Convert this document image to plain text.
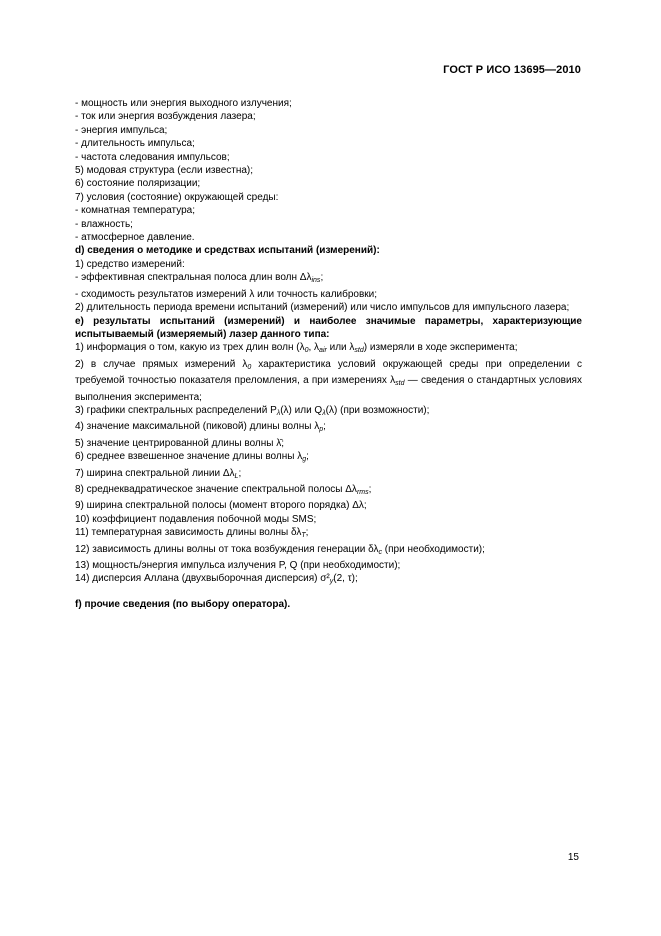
ГОСТ Р ИСО 13695—2010
- мощность или энергия выходного излучения;
- ток или энергия возбуждения лазера;
- энергия импульса;
- длительность импульса;
- частота следования импульсов;
5) модовая структура (если известна);
6) состояние поляризации;
7) условия (состояние) окружающей среды:
- комнатная температура;
- влажность;
- атмосферное давление.
d) сведения о методике и средствах испытаний (измерений):
1) средство измерений:
- эффективная спектральная полоса длин волн $\Delta\lambda_{ins}$;
- сходимость результатов измерений λ или точность калибровки;
2) длительность периода времени испытаний (измерений) или число импульсов для импульсного лазера;
e) результаты испытаний (измерений) и наиболее значимые параметры, характеризующие испытываемый (измеряемый) лазер данного типа:
1) информация о том, какую из трех длин волн ($\lambda_0$, $\lambda_{air}$ или $\lambda_{std}$) измеряли в ходе эксперимента;
2) в случае прямых измерений $\lambda_0$ характеристика условий окружающей среды при определении с требуемой точностью показателя преломления, а при измерениях $\lambda_{std}$ — сведения о стандартных условиях выполнения эксперимента;
3) графики спектральных распределений $P_\lambda(\lambda)$ или $Q_\lambda(\lambda)$ (при возможности);
4) значение максимальной (пиковой) длины волны $\lambda_p$;
5) значение центрированной длины волны λ̄;
6) среднее взвешенное значение длины волны $\lambda_g$;
7) ширина спектральной линии $\Delta\lambda_L$;
8) среднеквадратическое значение спектральной полосы $\Delta\lambda_{rms}$;
9) ширина спектральной полосы (момент второго порядка) Δλ;
10) коэффициент подавления побочной моды SMS;
11) температурная зависимость длины волны $\delta\lambda_T$;
12) зависимость длины волны от тока возбуждения генерации $\delta\lambda_c$ (при необходимости);
13) мощность/энергия импульса излучения P, Q (при необходимости);
14) дисперсия Аллана (двухвыборочная дисперсия) $\sigma^2_y(2$, τ);
f) прочие сведения (по выбору оператора).
15
